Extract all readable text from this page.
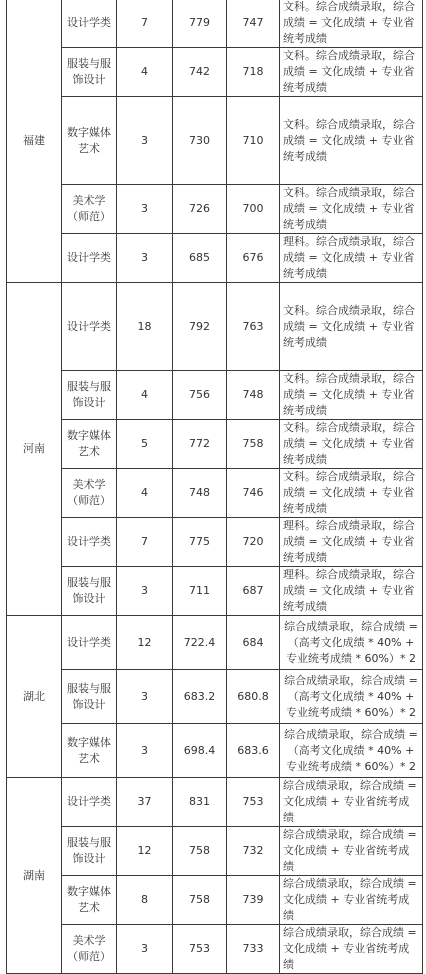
福建	设计学类	7	779	747	文科。综合成绩录取，综合成绩 = 文化成绩 + 专业省统考成绩
	服装与服饰设计	4	742	718	文科。综合成绩录取，综合成绩 = 文化成绩 + 专业省统考成绩
	数字媒体艺术	3	730	710	文科。综合成绩录取，综合成绩 = 文化成绩 + 专业省统考成绩
	美术学（师范）	3	726	700	文科。综合成绩录取，综合成绩 = 文化成绩 + 专业省统考成绩
	设计学类	3	685	676	理科。综合成绩录取，综合成绩 = 文化成绩 + 专业省统考成绩
河南	设计学类	18	792	763	文科。综合成绩录取，综合成绩 = 文化成绩 + 专业省统考成绩
	服装与服饰设计	4	756	748	文科。综合成绩录取，综合成绩 = 文化成绩 + 专业省统考成绩
	数字媒体艺术	5	772	758	文科。综合成绩录取，综合成绩 = 文化成绩 + 专业省统考成绩
	美术学（师范）	4	748	746	文科。综合成绩录取，综合成绩 = 文化成绩 + 专业省统考成绩
	设计学类	7	775	720	理科。综合成绩录取，综合成绩 = 文化成绩 + 专业省统考成绩
	服装与服饰设计	3	711	687	理科。综合成绩录取，综合成绩 = 文化成绩 + 专业省统考成绩
湖北	设计学类	12	722.4	684	综合成绩录取，综合成绩 = （高考文化成绩 * 40% + 专业统考成绩 * 60%）* 2
	服装与服饰设计	3	683.2	680.8	综合成绩录取，综合成绩 = （高考文化成绩 * 40% + 专业统考成绩 * 60%）* 2
	数字媒体艺术	3	698.4	683.6	综合成绩录取，综合成绩 = （高考文化成绩 * 40% + 专业统考成绩 * 60%）* 2
湖南	设计学类	37	831	753	综合成绩录取，综合成绩 = 文化成绩 + 专业省统考成绩
	服装与服饰设计	12	758	732	综合成绩录取，综合成绩 = 文化成绩 + 专业省统考成绩
	数字媒体艺术	8	758	739	综合成绩录取，综合成绩 = 文化成绩 + 专业省统考成绩
	美术学（师范）	3	753	733	综合成绩录取，综合成绩 = 文化成绩 + 专业省统考成绩
